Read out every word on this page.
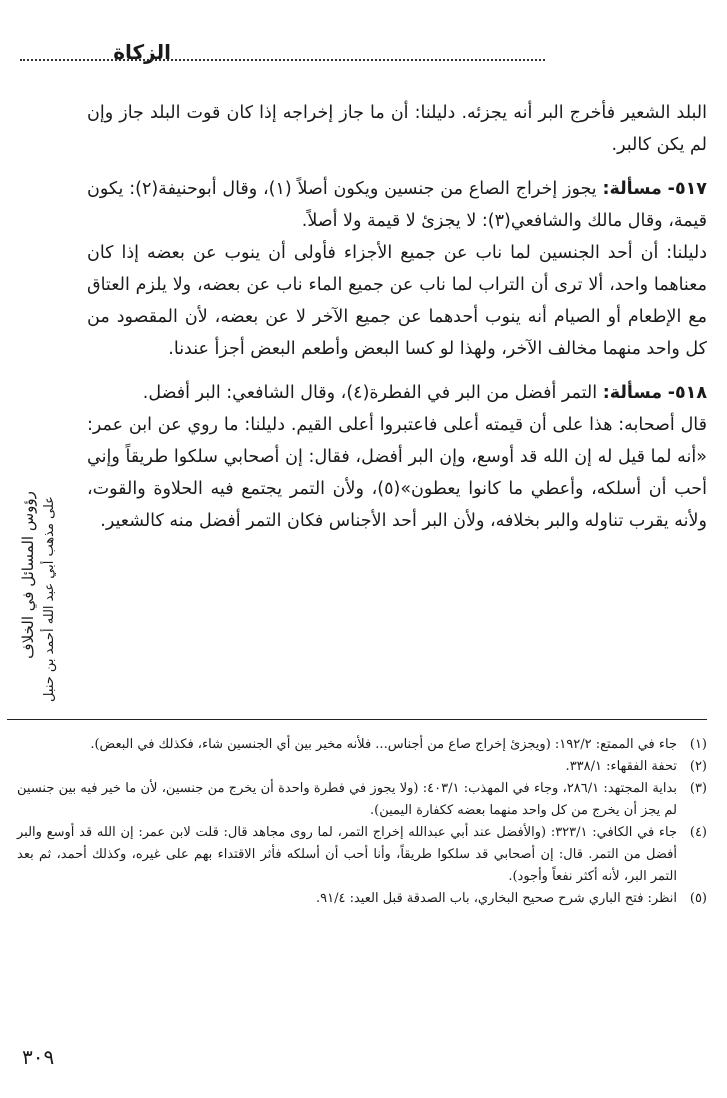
الزكاة
رؤوس المسائل في الخلاف على مذهب أبي عبد الله أحمد بن حنبل

البلد الشعير فأخرج البر أنه يجزئه. دليلنا: أن ما جاز إخراجه إذا كان قوت البلد جاز وإن لم يكن كالبر.

٥١٧- مسألة: يجوز إخراج الصاع من جنسين ويكون أصلاً (١)، وقال أبوحنيفة(٢): يكون قيمة، وقال مالك والشافعي(٣): لا يجزئ لا قيمة ولا أصلاً.

دليلنا: أن أحد الجنسين لما ناب عن جميع الأجزاء فأولى أن ينوب عن بعضه إذا كان معناهما واحد، ألا ترى أن التراب لما ناب عن جميع الماء ناب عن بعضه، ولا يلزم العتاق مع الإطعام أو الصيام أنه ينوب أحدهما عن جميع الآخر لا عن بعضه، لأن المقصود من كل واحد منهما مخالف الآخر، ولهذا لو كسا البعض وأطعم البعض أجزأ عندنا.

٥١٨- مسألة: التمر أفضل من البر في الفطرة(٤)، وقال الشافعي: البر أفضل.

قال أصحابه: هذا على أن قيمته أعلى فاعتبروا أعلى القيم. دليلنا: ما روي عن ابن عمر: «أنه لما قيل له إن الله قد أوسع، وإن البر أفضل، فقال: إن أصحابي سلكوا طريقاً وإني أحب أن أسلكه، وأعطي ما كانوا يعطون»(٥)، ولأن التمر يجتمع فيه الحلاوة والقوت، ولأنه يقرب تناوله والبر بخلافه، ولأن البر أحد الأجناس فكان التمر أفضل منه كالشعير.

(١)
جاء في الممتع: ١٩٢/٢: (ويجزئ إخراج صاع من أجناس... فلأنه مخير بين أي الجنسين شاء، فكذلك في البعض).
(٢)
تحفة الفقهاء: ٣٣٨/١.
(٣)
بداية المجتهد: ٢٨٦/١، وجاء في المهذب: ٤٠٣/١: (ولا يجوز في فطرة واحدة أن يخرج من جنسين، لأن ما خير فيه بين جنسين لم يجز أن يخرج من كل واحد منهما بعضه ككفارة اليمين).
(٤)
جاء في الكافي: ٣٢٣/١: (والأفضل عند أبي عبدالله إخراج التمر، لما روى مجاهد قال: قلت لابن عمر: إن الله قد أوسع والبر أفضل من التمر. قال: إن أصحابي قد سلكوا طريقاً، وأنا أحب أن أسلكه فأثر الاقتداء بهم على غيره، وكذلك أحمد، ثم بعد التمر البر، لأنه أكثر نفعاً وأجود).
(٥)
انظر: فتح الباري شرح صحيح البخاري، باب الصدقة قبل العيد: ٩١/٤.
٣٠٩
